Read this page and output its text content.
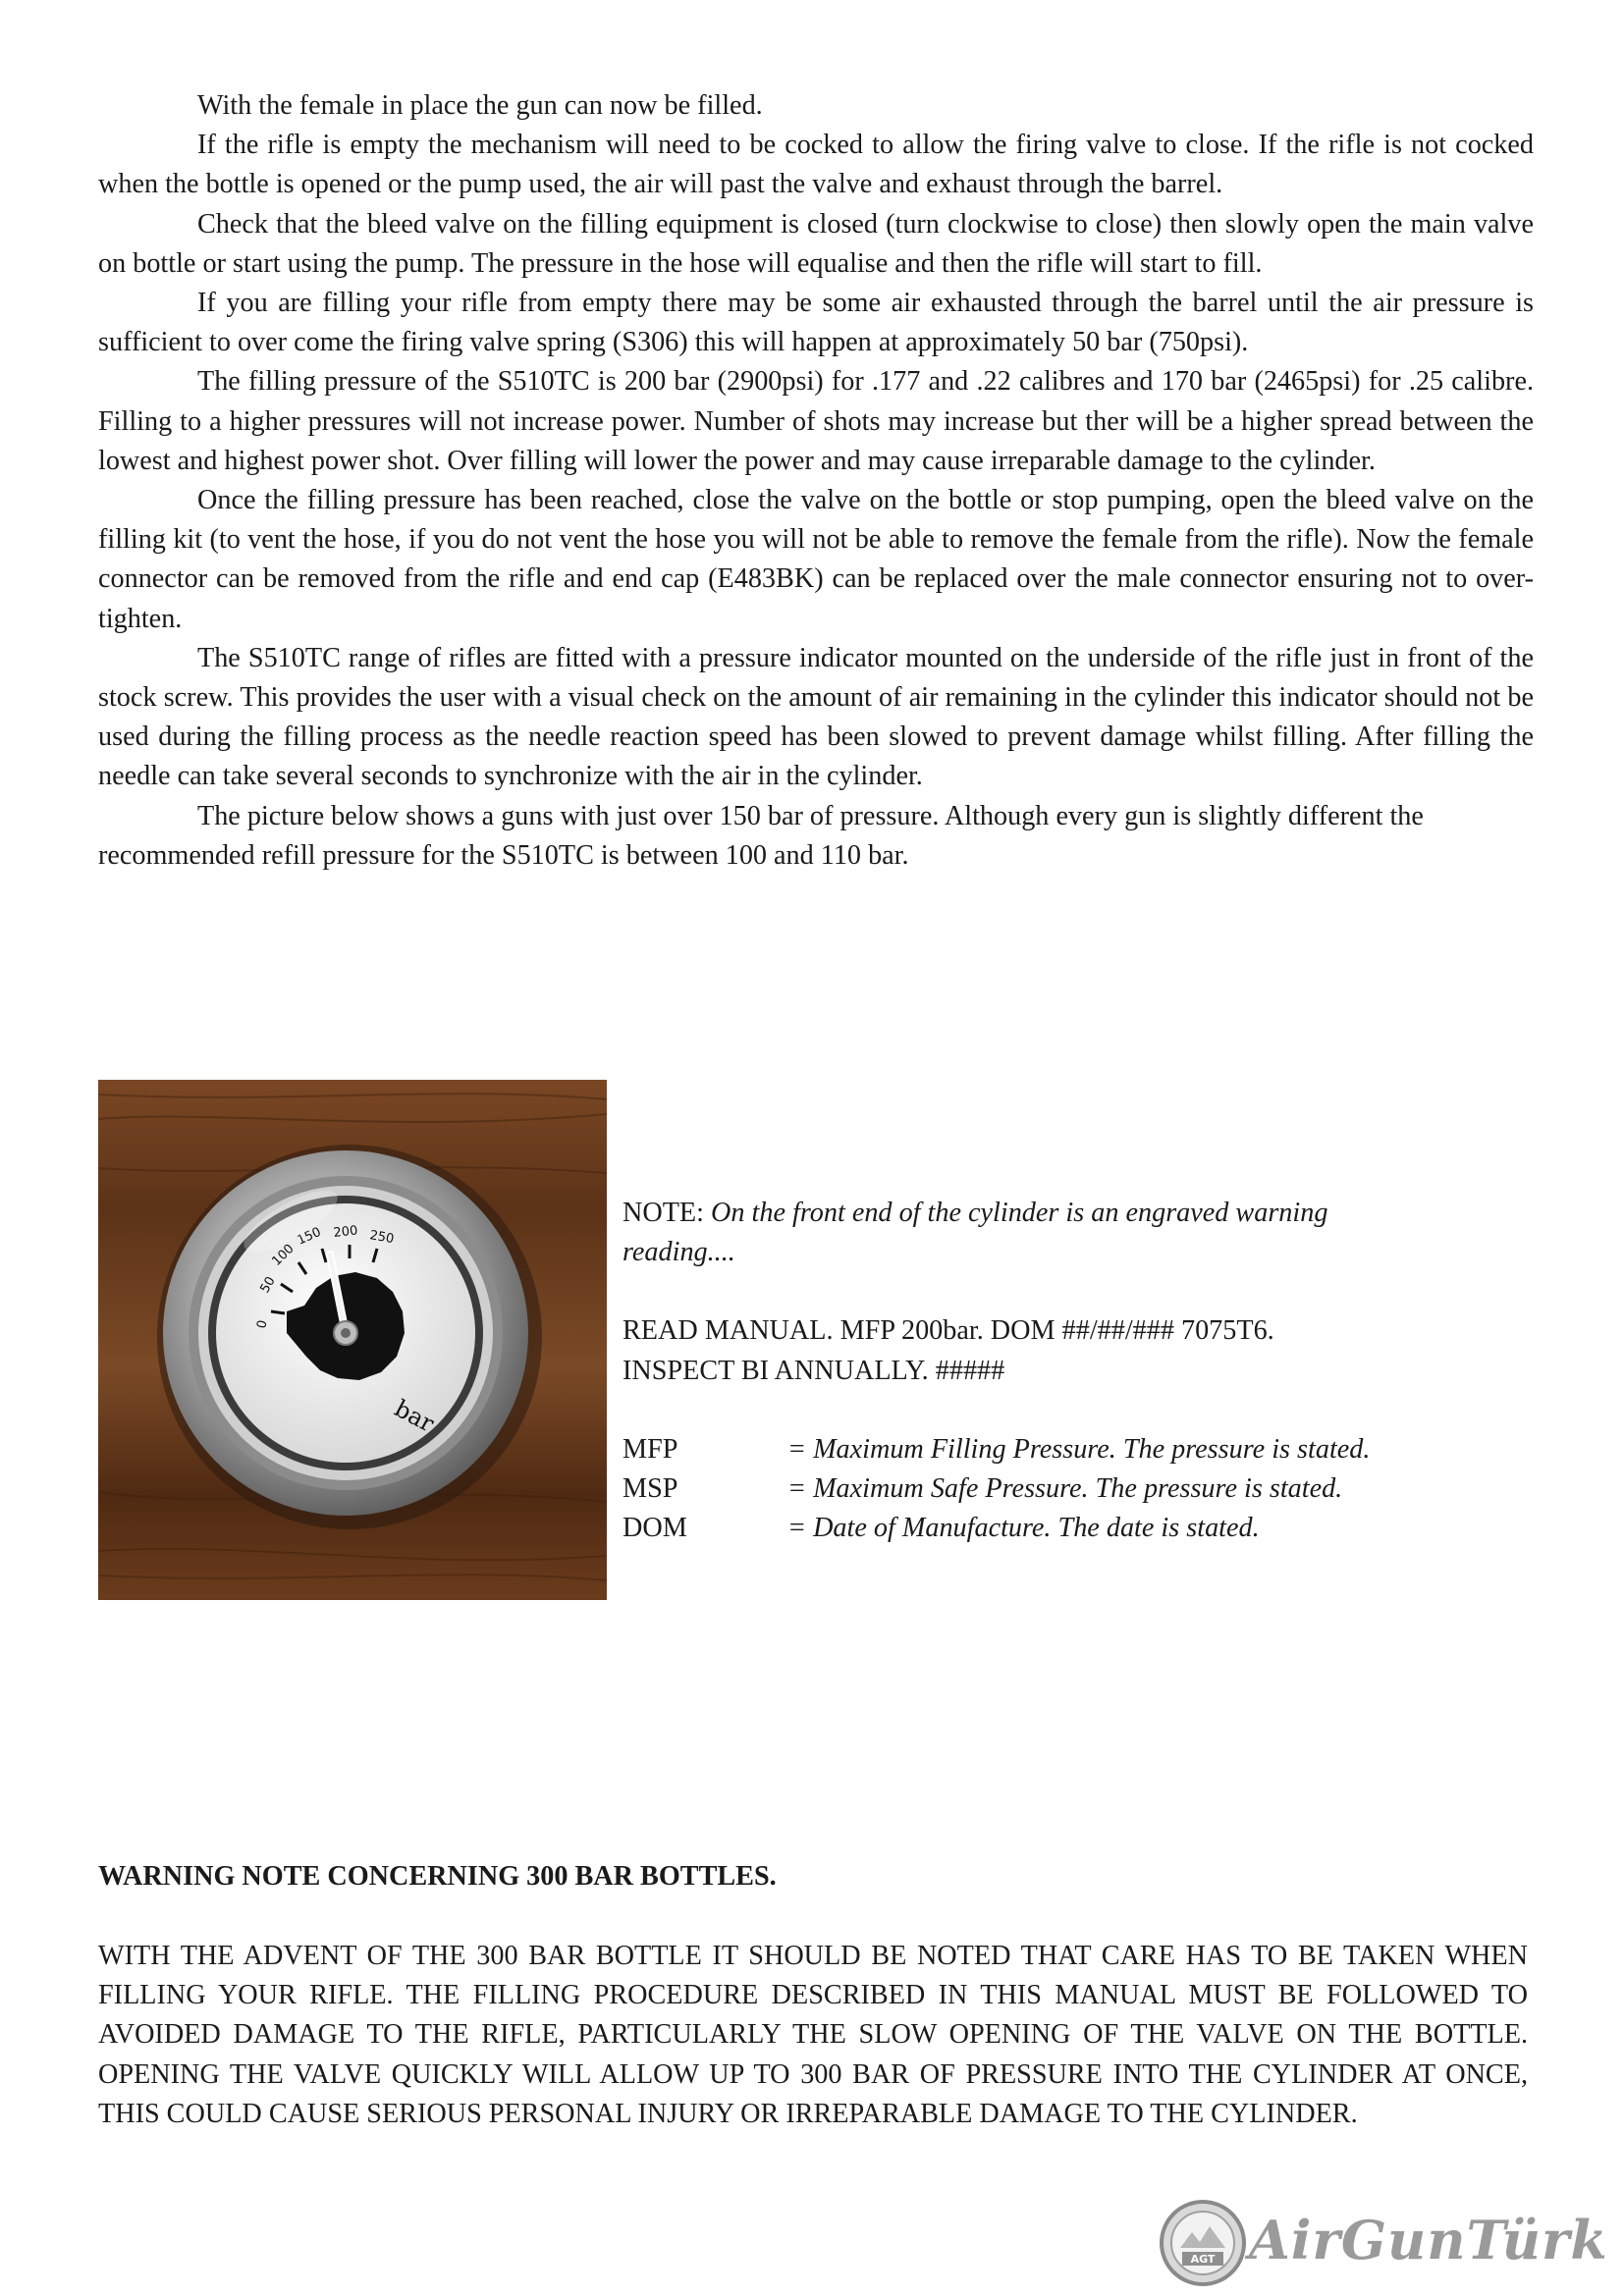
With the female in place the gun can now be filled.

If the rifle is empty the mechanism will need to be cocked to allow the firing valve to close. If the rifle is not cocked when the bottle is opened or the pump used, the air will past the valve and exhaust through the barrel.

Check that the bleed valve on the filling equipment is closed (turn clockwise to close) then slowly open the main valve on bottle or start using the pump. The pressure in the hose will equalise and then the rifle will start to fill.

If you are filling your rifle from empty there may be some air exhausted through the barrel until the air pressure is sufficient to over come the firing valve spring (S306) this will happen at approximately 50 bar (750psi).

The filling pressure of the S510TC is 200 bar (2900psi) for .177 and .22 calibres and 170 bar (2465psi) for .25 calibre. Filling to a higher pressures will not increase power. Number of shots may increase but ther will be a higher spread between the lowest and highest power shot. Over filling will lower the power and may cause irreparable damage to the cylinder.

Once the filling pressure has been reached, close the valve on the bottle or stop pumping, open the bleed valve on the filling kit (to vent the hose, if you do not vent the hose you will not be able to remove the female from the rifle). Now the female connector can be removed from the rifle and end cap (E483BK) can be replaced over the male connector ensuring not to over-tighten.

The S510TC range of rifles are fitted with a pressure indicator mounted on the underside of the rifle just in front of the stock screw. This provides the user with a visual check on the amount of air remaining in the cylinder this indicator should not be used during the filling process as the needle reaction speed has been slowed to prevent damage whilst filling. After filling the needle can take several seconds to synchronize with the air in the cylinder.

The picture below shows a guns with just over 150 bar of pressure. Although every gun is slightly different the recommended refill pressure for the S510TC is between 100 and 110 bar.

0
50
100
150 200 250
bar

NOTE: On the front end of the cylinder is an engraved warning

reading....

READ MANUAL. MFP 200bar. DOM ##/##/### 7075T6.

INSPECT BI ANNUALLY. #####

MFP	= Maximum Filling Pressure. The pressure is stated.
MSP	= Maximum Safe Pressure. The pressure is stated.
DOM	= Date of Manufacture. The date is stated.
WARNING NOTE CONCERNING 300 BAR BOTTLES.

WITH THE ADVENT OF THE 300 BAR BOTTLE IT SHOULD BE NOTED THAT CARE HAS TO BE TAKEN WHEN FILLING YOUR RIFLE. THE FILLING PROCEDURE DESCRIBED IN THIS MANUAL MUST BE FOLLOWED TO AVOIDED DAMAGE TO THE RIFLE, PARTICULARLY THE SLOW OPENING OF THE VALVE ON THE BOTTLE. OPENING THE VALVE QUICKLY WILL ALLOW UP TO 300 BAR OF PRESSURE INTO THE CYLINDER AT ONCE, THIS COULD CAUSE SERIOUS PERSONAL INJURY OR IRREPARABLE DAMAGE TO THE CYLINDER.

AGT AirGunTürk
